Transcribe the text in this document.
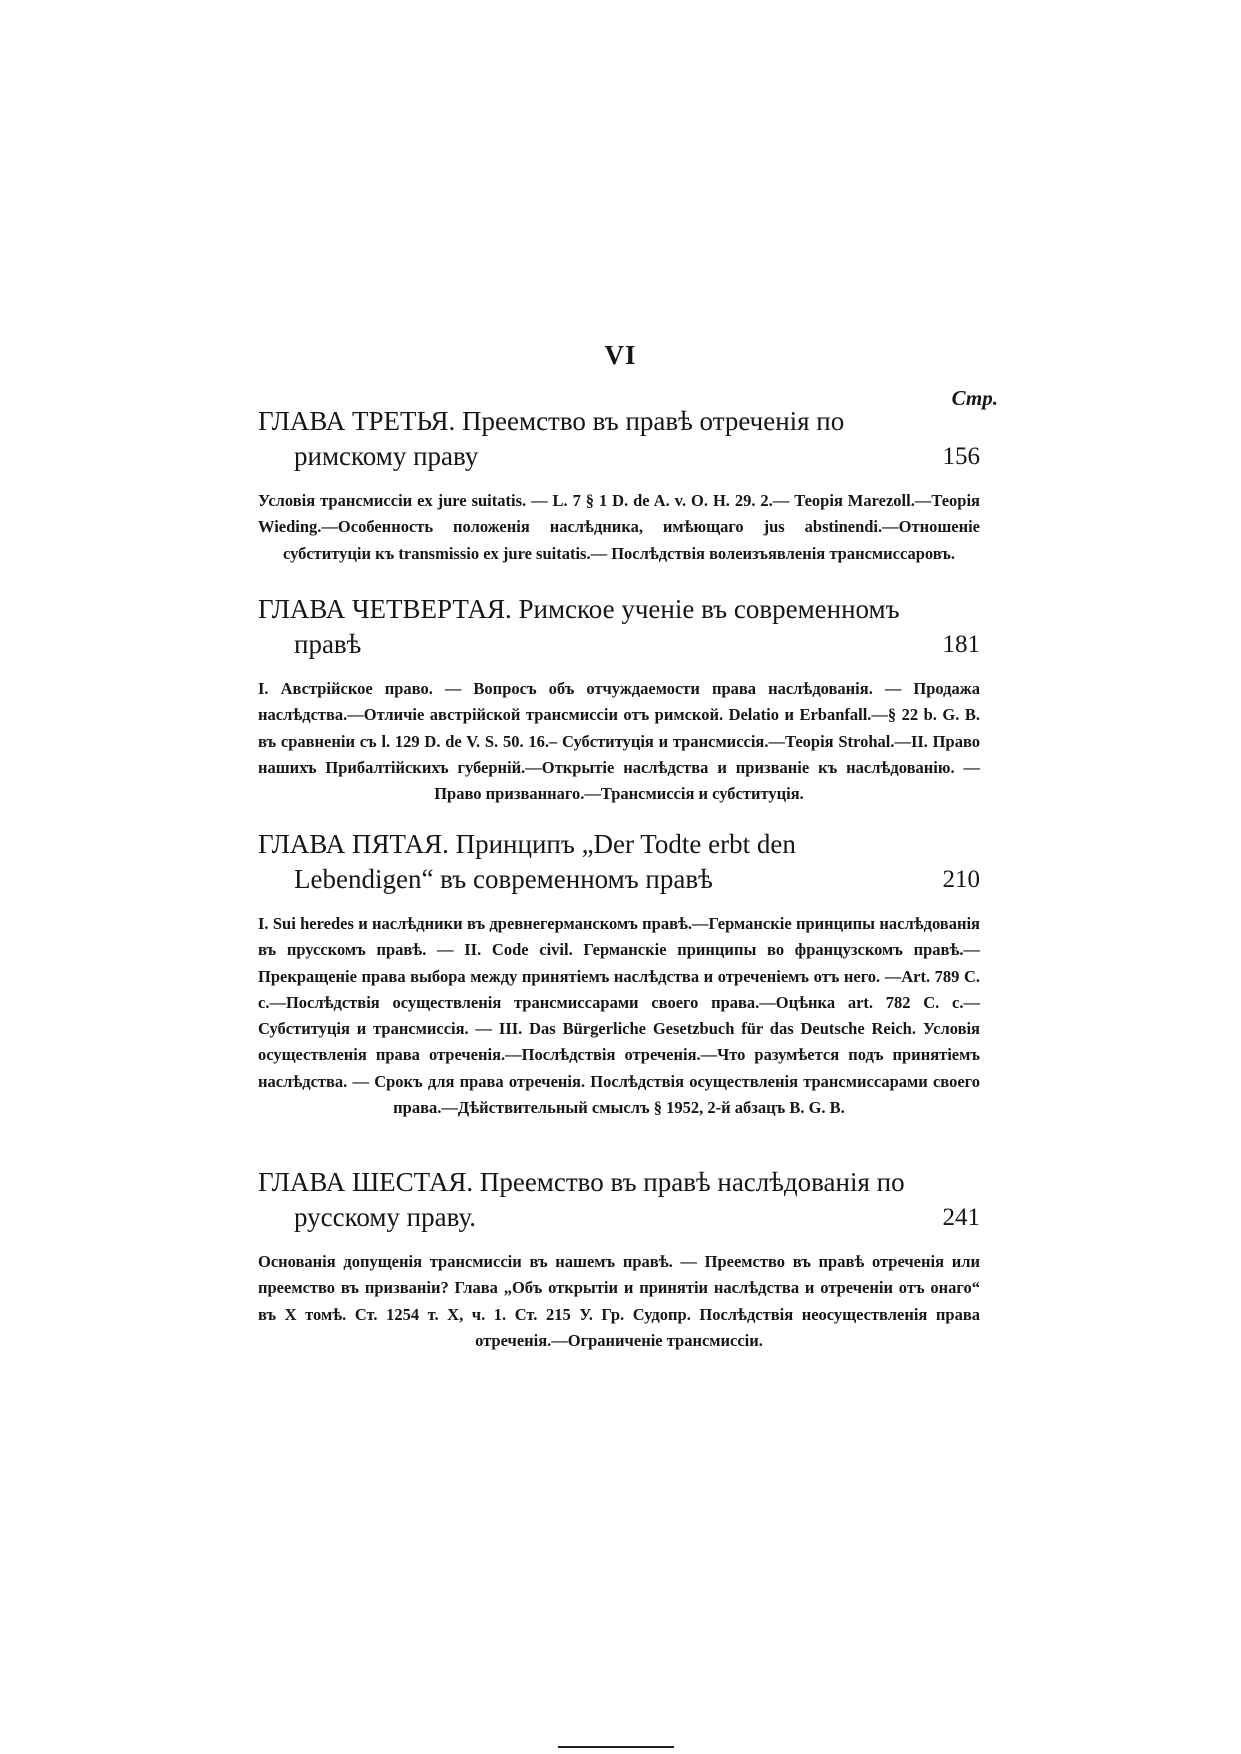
VI
Стр.
ГЛАВА ТРЕТЬЯ. Преемство въ правѣ отреченія по римскому праву	156
Условія трансмиссіи ex jure suitatis. — L. 7 § 1 D. de A. v. O. H. 29. 2.— Теорія Marezoll.—Теорія Wieding.—Особенность положенія наслѣдника, имѣющаго jus abstinendi.—Отношеніе субституціи къ transmissio ex jure suitatis.— Послѣдствія волеизъявленія трансмиссаровъ.
ГЛАВА ЧЕТВЕРТАЯ. Римское ученіе въ современномъ правѣ	181
I. Австрійское право. — Вопросъ объ отчуждаемости права наслѣдованія. — Продажа наслѣдства.—Отличіе австрійской трансмиссіи отъ римской. Delatio и Erbanfall.—§ 22 b. G. B. въ сравненіи съ l. 129 D. de V. S. 50. 16.– Субституція и трансмиссія.—Теорія Strohal.—II. Право нашихъ Прибалтійскихъ губерній.—Открытіе наслѣдства и призваніе къ наслѣдованію. — Право призваннаго.—Трансмиссія и субституція.
ГЛАВА ПЯТАЯ. Принципъ „Der Todte erbt den Lebendigen“ въ современномъ правѣ	210
I. Sui heredes и наслѣдники въ древнегерманскомъ правѣ.—Германскіе принципы наслѣдованія въ прусскомъ правѣ. — II. Code civil. Германскіе принципы во французскомъ правѣ.—Прекращеніе права выбора между принятіемъ наслѣдства и отреченіемъ отъ него. —Art. 789 C. c.—Послѣдствія осуществленія трансмиссарами своего права.—Оцѣнка art. 782 C. c.— Субституція и трансмиссія. — III. Das Bürgerliche Gesetzbuch für das Deutsche Reich. Условія осуществленія права отреченія.—Послѣдствія отреченія.—Что разумѣется подъ принятіемъ наслѣдства. — Срокъ для права отреченія. Послѣдствія осуществленія трансмиссарами своего права.—Дѣйствительный смыслъ § 1952, 2-й абзацъ B. G. B.
ГЛАВА ШЕСТАЯ. Преемство въ правѣ наслѣдованія по русскому праву.	241
Основанія допущенія трансмиссіи въ нашемъ правѣ. — Преемство въ правѣ отреченія или преемство въ призваніи? Глава „Объ открытіи и принятіи наслѣдства и отреченіи отъ онаго“ въ X томѣ. Ст. 1254 т. X, ч. 1. Ст. 215 У. Гр. Судопр. Послѣдствія неосуществленія права отреченія.—Ограниченіе трансмиссіи.
